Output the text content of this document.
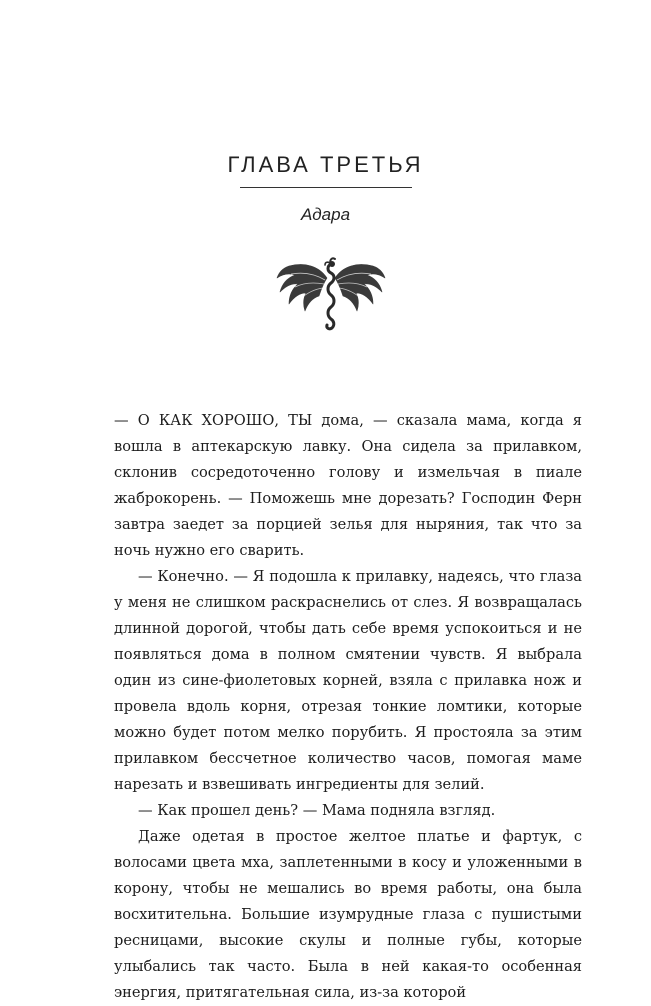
ГЛАВА ТРЕТЬЯ
Адара

— О КАК ХОРОШО, ТЫ дома, — сказала мама, когда я вошла в аптекарскую лавку. Она сидела за прилавком, склонив сосредоточенно голову и измельчая в пиале жаброкорень. — Поможешь мне дорезать? Господин Ферн завтра заедет за порцией зелья для ныряния, так что за ночь нужно его сварить.

— Конечно. — Я подошла к прилавку, надеясь, что глаза у меня не слишком раскраснелись от слез. Я возвращалась длинной дорогой, чтобы дать себе время успокоиться и не появляться дома в полном смятении чувств. Я выбрала один из сине-фиолетовых корней, взяла с прилавка нож и провела вдоль корня, отрезая тонкие ломтики, которые можно будет потом мелко порубить. Я простояла за этим прилавком бессчетное количество часов, помогая маме нарезать и взвешивать ингредиенты для зелий.

— Как прошел день? — Мама подняла взгляд.

Даже одетая в простое желтое платье и фартук, с волосами цвета мха, заплетенными в косу и уложенными в корону, чтобы не мешались во время работы, она была восхитительна. Большие изумрудные глаза с пушистыми ресницами, высокие скулы и полные губы, которые улыбались так часто. Была в ней какая-то особенная энергия, притягательная сила, из-за которой
